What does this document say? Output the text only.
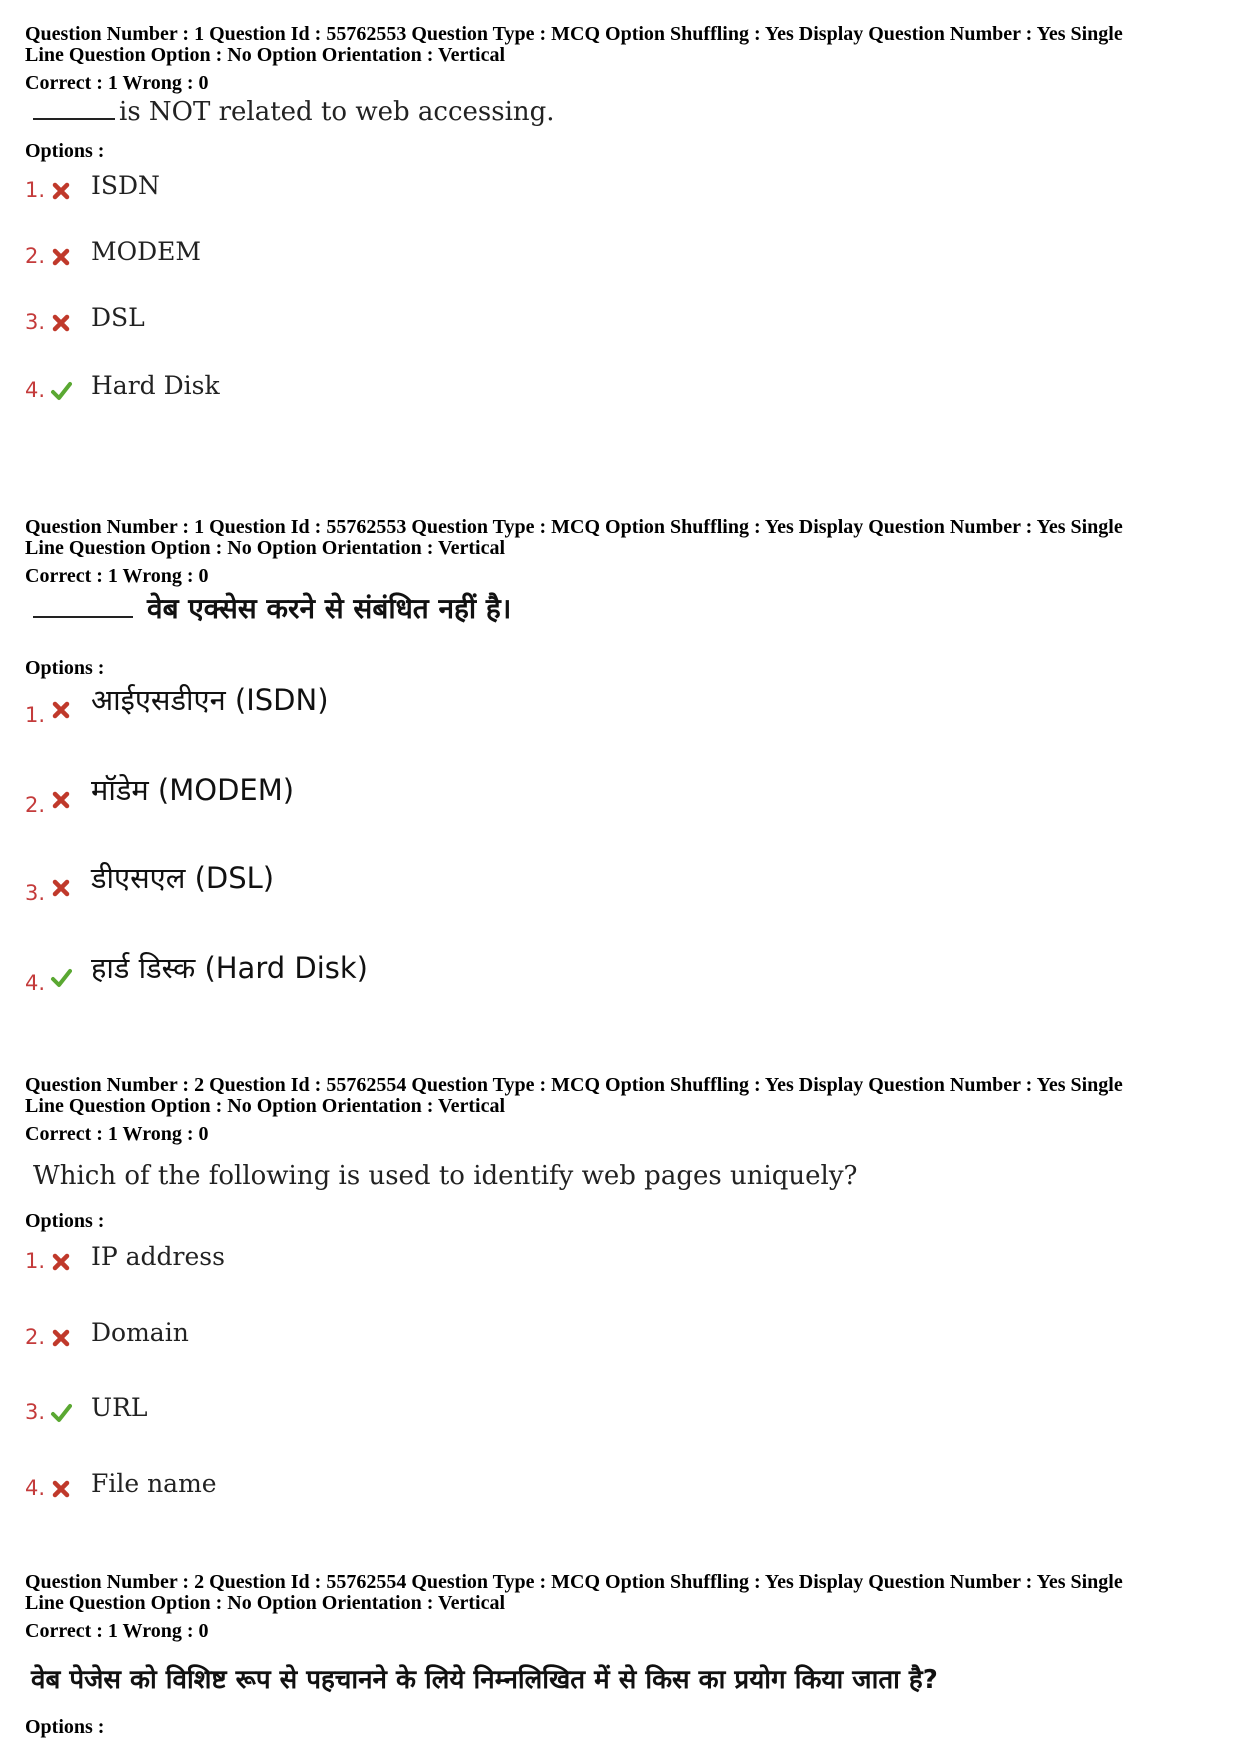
Question Number : 1 Question Id : 55762553 Question Type : MCQ Option Shuffling : Yes Display Question Number : Yes Single

Line Question Option : No Option Orientation : Vertical

Correct : 1 Wrong : 0
is NOT related to web accessing.
Options :
1. ISDN
2. MODEM
3. DSL
4. Hard Disk

Question Number : 1 Question Id : 55762553 Question Type : MCQ Option Shuffling : Yes Display Question Number : Yes Single

Line Question Option : No Option Orientation : Vertical

Correct : 1 Wrong : 0
वेब एक्सेस करने से संबंधित नहीं है।
Options :
1. आईएसडीएन (ISDN)
2. मॉडेम (MODEM)
3. डीएसएल (DSL)
4. हार्ड डिस्क (Hard Disk)

Question Number : 2 Question Id : 55762554 Question Type : MCQ Option Shuffling : Yes Display Question Number : Yes Single

Line Question Option : No Option Orientation : Vertical

Correct : 1 Wrong : 0
Which of the following is used to identify web pages uniquely?
Options :
1. IP address
2. Domain
3. URL
4. File name

Question Number : 2 Question Id : 55762554 Question Type : MCQ Option Shuffling : Yes Display Question Number : Yes Single

Line Question Option : No Option Orientation : Vertical

Correct : 1 Wrong : 0
वेब पेजेस को विशिष्ट रूप से पहचानने के लिये निम्नलिखित में से किस का प्रयोग किया जाता है?
Options :
